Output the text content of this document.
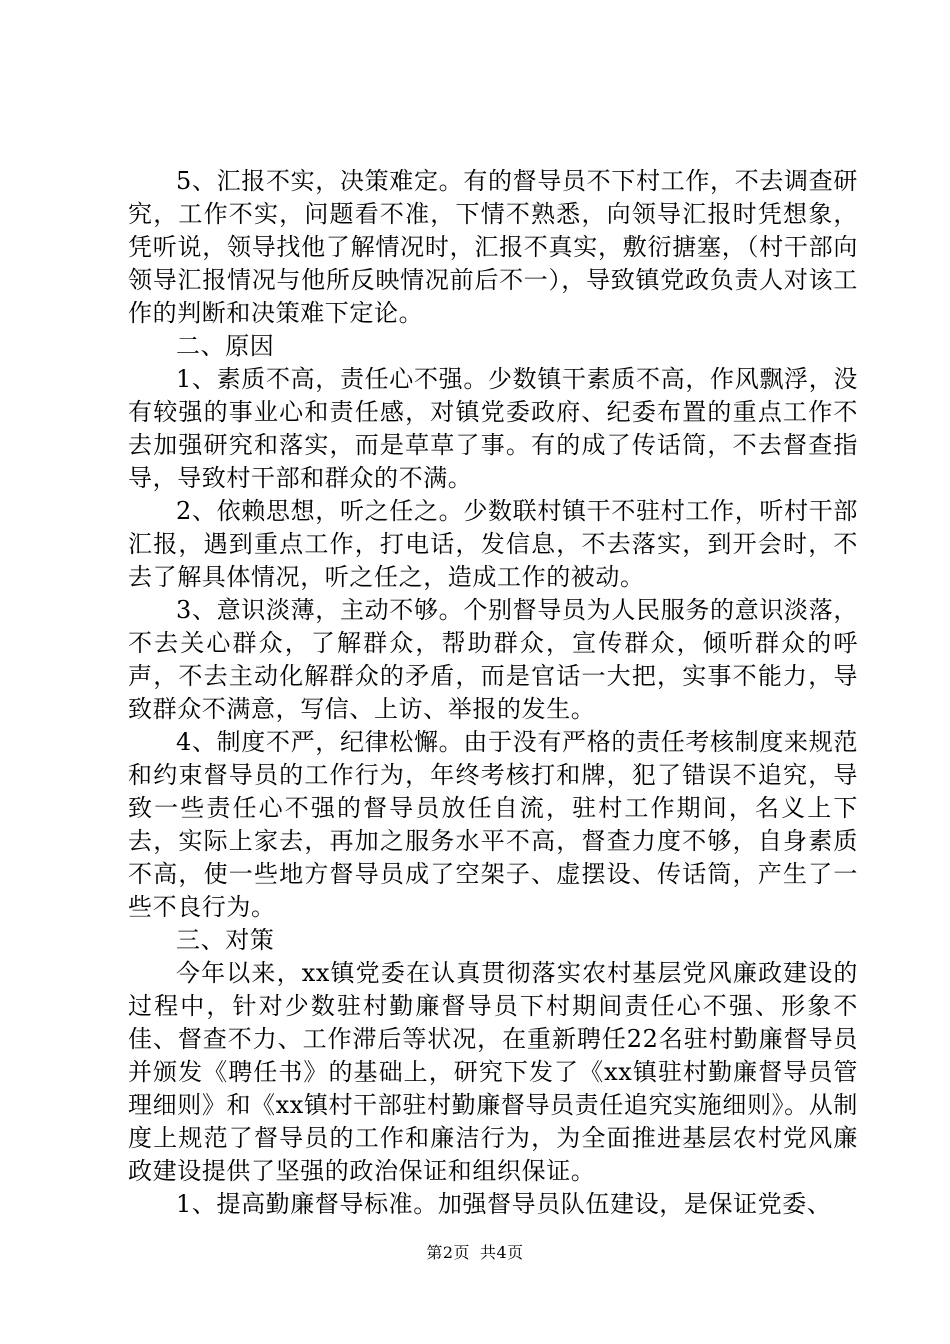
5、汇报不实，决策难定。有的督导员不下村工作，不去调查研究，工作不实，问题看不准，下情不熟悉，向领导汇报时凭想象，凭听说，领导找他了解情况时，汇报不真实，敷衍搪塞，（村干部向领导汇报情况与他所反映情况前后不一），导致镇党政负责人对该工作的判断和决策难下定论。

二、原因

1、素质不高，责任心不强。少数镇干素质不高，作风飘浮，没有较强的事业心和责任感，对镇党委政府、纪委布置的重点工作不去加强研究和落实，而是草草了事。有的成了传话筒，不去督查指导，导致村干部和群众的不满。

2、依赖思想，听之任之。少数联村镇干不驻村工作，听村干部汇报，遇到重点工作，打电话，发信息，不去落实，到开会时，不去了解具体情况，听之任之，造成工作的被动。

3、意识淡薄，主动不够。个别督导员为人民服务的意识淡落，不去关心群众，了解群众，帮助群众，宣传群众，倾听群众的呼声，不去主动化解群众的矛盾，而是官话一大把，实事不能力，导致群众不满意，写信、上访、举报的发生。

4、制度不严，纪律松懈。由于没有严格的责任考核制度来规范和约束督导员的工作行为，年终考核打和牌，犯了错误不追究，导致一些责任心不强的督导员放任自流，驻村工作期间，名义上下去，实际上家去，再加之服务水平不高，督查力度不够，自身素质不高，使一些地方督导员成了空架子、虚摆设、传话筒，产生了一些不良行为。

三、对策

今年以来，xx镇党委在认真贯彻落实农村基层党风廉政建设的过程中，针对少数驻村勤廉督导员下村期间责任心不强、形象不佳、督查不力、工作滞后等状况，在重新聘任22名驻村勤廉督导员并颁发《聘任书》的基础上，研究下发了《xx镇驻村勤廉督导员管理细则》和《xx镇村干部驻村勤廉督导员责任追究实施细则》。从制度上规范了督导员的工作和廉洁行为，为全面推进基层农村党风廉政建设提供了坚强的政治保证和组织保证。

1、提高勤廉督导标准。加强督导员队伍建设，是保证党委、

第2页 共4页
